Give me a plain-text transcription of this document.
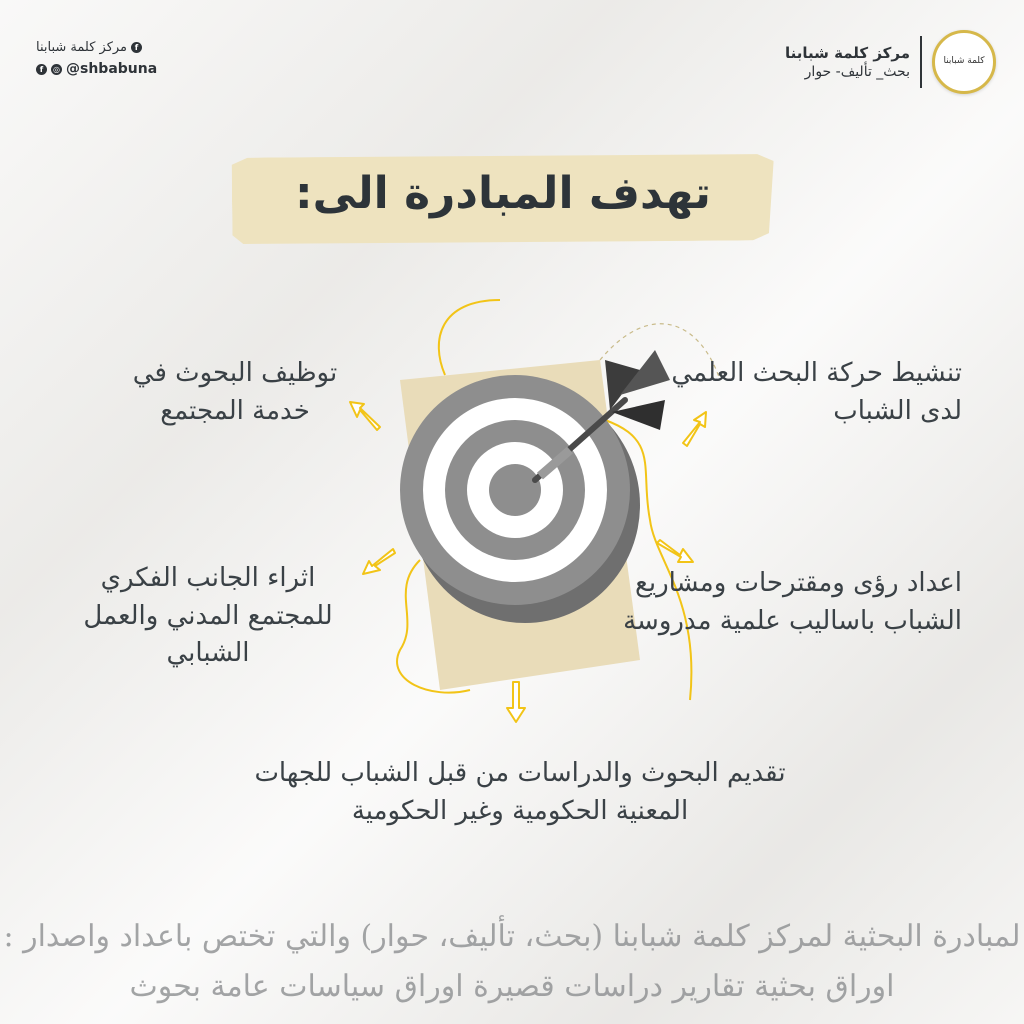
كلمة شبابنا
مركز كلمة شبابنا
بحث_ تأليف- حوار
مركز كلمة شبابنا f
f	◎ @shbabuna
تهدف المبادرة الى:
تنشيط حركة البحث العلمي لدى الشباب
توظيف البحوث في خدمة المجتمع
اعداد رؤى ومقترحات ومشاريع الشباب باساليب علمية مدروسة
اثراء الجانب الفكري للمجتمع المدني والعمل الشبابي
تقديم البحوث والدراسات من قبل الشباب للجهات المعنية الحكومية وغير الحكومية
لمبادرة البحثية لمركز كلمة شبابنا (بحث، تأليف، حوار) والتي تختص باعداد واصدار :
اوراق بحثية تقارير دراسات قصيرة اوراق سياسات عامة بحوث
